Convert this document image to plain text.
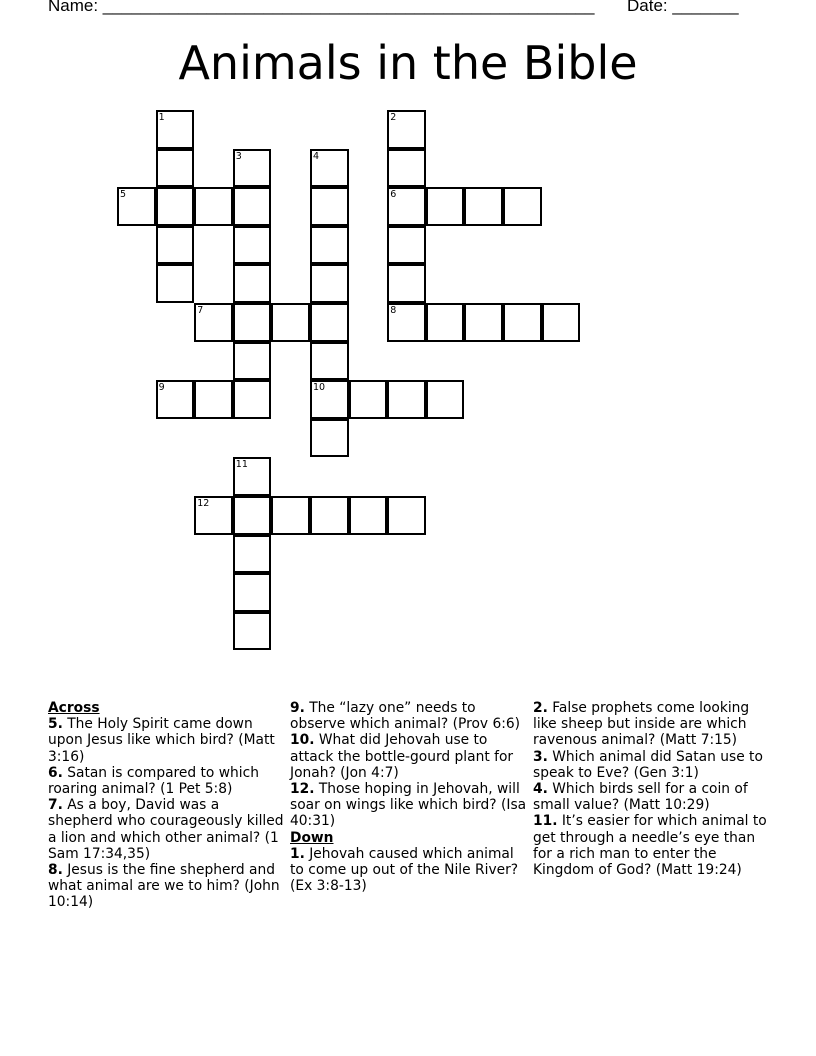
Name: ____________________________________________________ Date: _______
Animals in the Bible
1	2
6
8
3	4
10
5
7
9
11
12
Across
5. The Holy Spirit came down upon Jesus like which bird? (Matt 3:16)
6. Satan is compared to which roaring animal? (1 Pet 5:8)
7. As a boy, David was a shepherd who courageously killed a lion and which other animal? (1 Sam 17:34,35)
8. Jesus is the fine shepherd and what animal are we to him? (John 10:14)
9. The “lazy one” needs to observe which animal? (Prov 6:6)
10. What did Jehovah use to attack the bottle-gourd plant for Jonah? (Jon 4:7)
12. Those hoping in Jehovah, will soar on wings like which bird? (Isa 40:31)
Down
1. Jehovah caused which animal to come up out of the Nile River? (Ex 3:8-13)
2. False prophets come looking like sheep but inside are which ravenous animal? (Matt 7:15)
3. Which animal did Satan use to speak to Eve? (Gen 3:1)
4. Which birds sell for a coin of small value? (Matt 10:29)
11. It’s easier for which animal to get through a needle’s eye than for a rich man to enter the Kingdom of God? (Matt 19:24)
